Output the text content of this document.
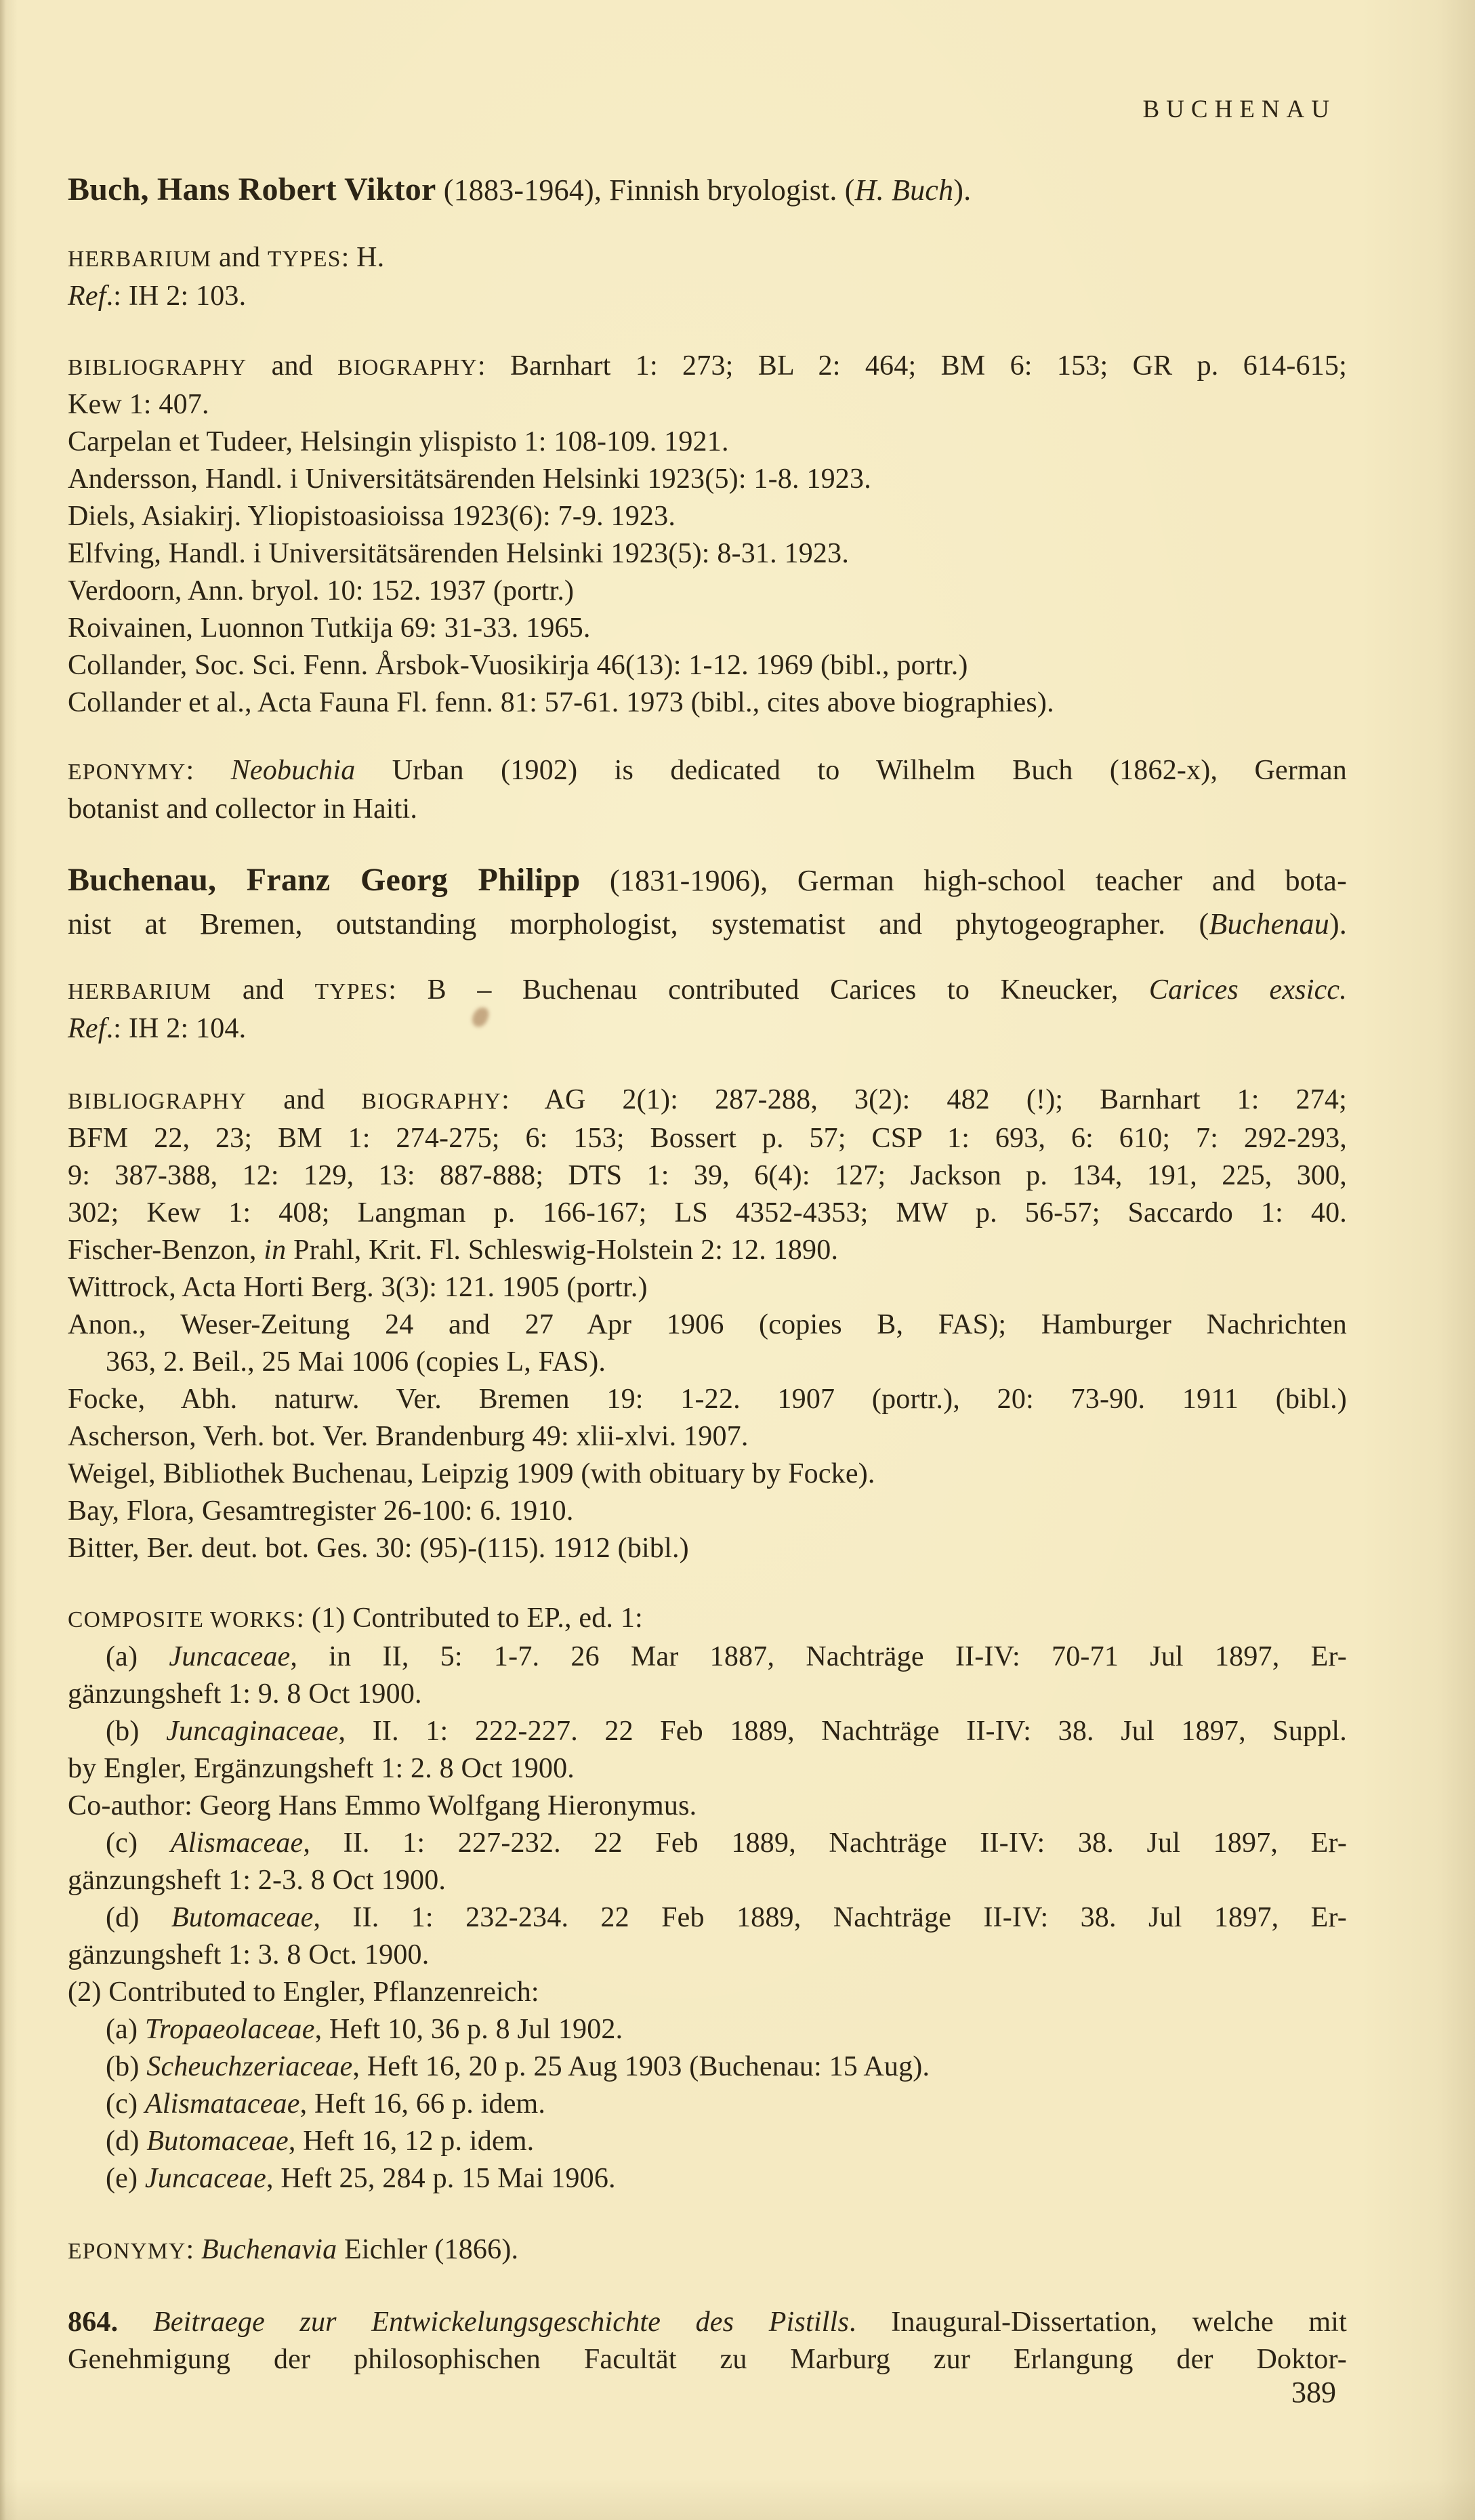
BUCHENAU
Buch, Hans Robert Viktor (1883-1964), Finnish bryologist. (H. Buch).
HERBARIUM and TYPES: H.
Ref.: IH 2: 103.
BIBLIOGRAPHY and BIOGRAPHY: Barnhart 1: 273; BL 2: 464; BM 6: 153; GR p. 614-615;
Kew 1: 407.
Carpelan et Tudeer, Helsingin ylispisto 1: 108-109. 1921.
Andersson, Handl. i Universitätsärenden Helsinki 1923(5): 1-8. 1923.
Diels, Asiakirj. Yliopistoasioissa 1923(6): 7-9. 1923.
Elfving, Handl. i Universitätsärenden Helsinki 1923(5): 8-31. 1923.
Verdoorn, Ann. bryol. 10: 152. 1937 (portr.)
Roivainen, Luonnon Tutkija 69: 31-33. 1965.
Collander, Soc. Sci. Fenn. Årsbok-Vuosikirja 46(13): 1-12. 1969 (bibl., portr.)
Collander et al., Acta Fauna Fl. fenn. 81: 57-61. 1973 (bibl., cites above biographies).
EPONYMY: Neobuchia Urban (1902) is dedicated to Wilhelm Buch (1862-x), German
botanist and collector in Haiti.
Buchenau, Franz Georg Philipp (1831-1906), German high-school teacher and bota-
nist at Bremen, outstanding morphologist, systematist and phytogeographer. (Buchenau).
HERBARIUM and TYPES: B – Buchenau contributed Carices to Kneucker, Carices exsicc.
Ref.: IH 2: 104.
BIBLIOGRAPHY and BIOGRAPHY: AG 2(1): 287-288, 3(2): 482 (!); Barnhart 1: 274;
BFM 22, 23; BM 1: 274-275; 6: 153; Bossert p. 57; CSP 1: 693, 6: 610; 7: 292-293,
9: 387-388, 12: 129, 13: 887-888; DTS 1: 39, 6(4): 127; Jackson p. 134, 191, 225, 300,
302; Kew 1: 408; Langman p. 166-167; LS 4352-4353; MW p. 56-57; Saccardo 1: 40.
Fischer-Benzon, in Prahl, Krit. Fl. Schleswig-Holstein 2: 12. 1890.
Wittrock, Acta Horti Berg. 3(3): 121. 1905 (portr.)
Anon., Weser-Zeitung 24 and 27 Apr 1906 (copies B, FAS); Hamburger Nachrichten
363, 2. Beil., 25 Mai 1006 (copies L, FAS).
Focke, Abh. naturw. Ver. Bremen 19: 1-22. 1907 (portr.), 20: 73-90. 1911 (bibl.)
Ascherson, Verh. bot. Ver. Brandenburg 49: xlii-xlvi. 1907.
Weigel, Bibliothek Buchenau, Leipzig 1909 (with obituary by Focke).
Bay, Flora, Gesamtregister 26-100: 6. 1910.
Bitter, Ber. deut. bot. Ges. 30: (95)-(115). 1912 (bibl.)
COMPOSITE WORKS: (1) Contributed to EP., ed. 1:
(a) Juncaceae, in II, 5: 1-7. 26 Mar 1887, Nachträge II-IV: 70-71 Jul 1897, Er-
gänzungsheft 1: 9. 8 Oct 1900.
(b) Juncaginaceae, II. 1: 222-227. 22 Feb 1889, Nachträge II-IV: 38. Jul 1897, Suppl.
by Engler, Ergänzungsheft 1: 2. 8 Oct 1900.
Co-author: Georg Hans Emmo Wolfgang Hieronymus.
(c) Alismaceae, II. 1: 227-232. 22 Feb 1889, Nachträge II-IV: 38. Jul 1897, Er-
gänzungsheft 1: 2-3. 8 Oct 1900.
(d) Butomaceae, II. 1: 232-234. 22 Feb 1889, Nachträge II-IV: 38. Jul 1897, Er-
gänzungsheft 1: 3. 8 Oct. 1900.
(2) Contributed to Engler, Pflanzenreich:
(a) Tropaeolaceae, Heft 10, 36 p. 8 Jul 1902.
(b) Scheuchzeriaceae, Heft 16, 20 p. 25 Aug 1903 (Buchenau: 15 Aug).
(c) Alismataceae, Heft 16, 66 p. idem.
(d) Butomaceae, Heft 16, 12 p. idem.
(e) Juncaceae, Heft 25, 284 p. 15 Mai 1906.
EPONYMY: Buchenavia Eichler (1866).
864. Beitraege zur Entwickelungsgeschichte des Pistills. Inaugural-Dissertation, welche mit
Genehmigung der philosophischen Facultät zu Marburg zur Erlangung der Doktor-
389
